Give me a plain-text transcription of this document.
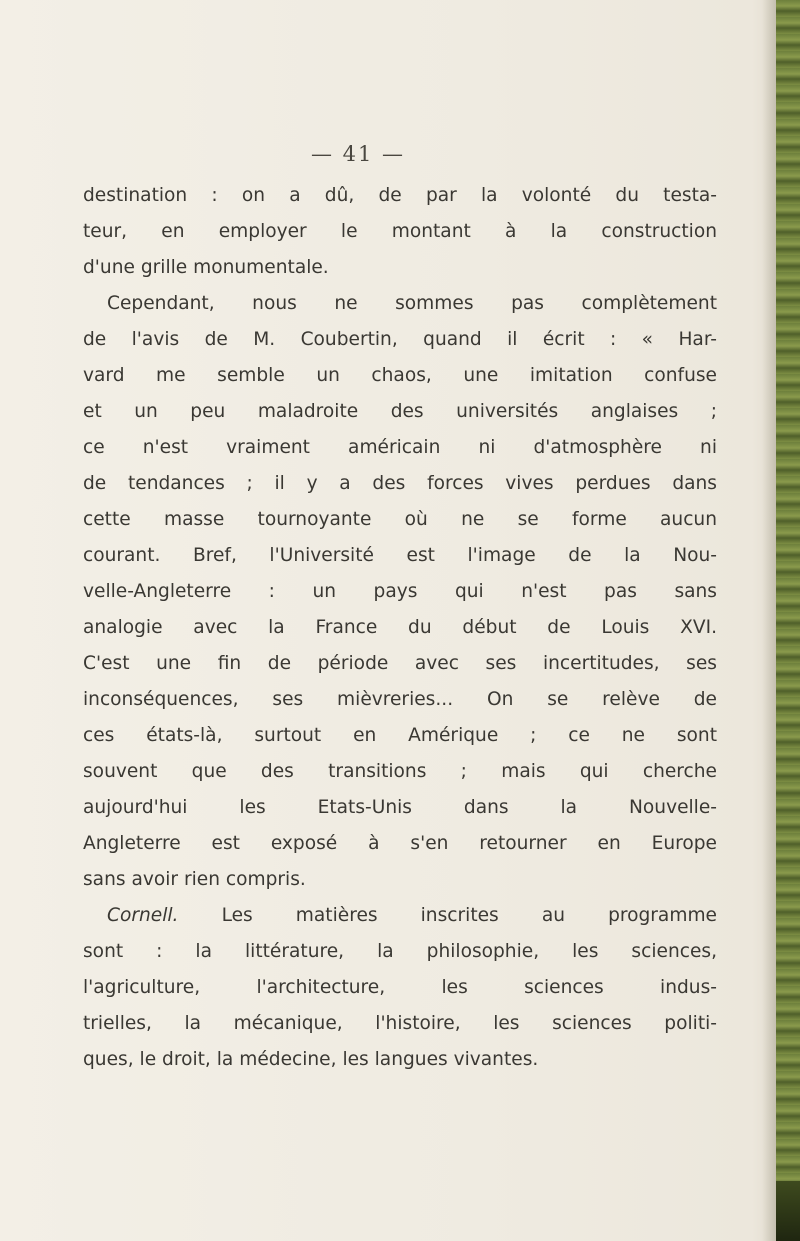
— 41 —
destination : on a dû, de par la volonté du testa-
teur, en employer le montant à la construction
d'une grille monumentale.
Cependant, nous ne sommes pas complètement
de l'avis de M. Coubertin, quand il écrit : « Har-
vard me semble un chaos, une imitation confuse
et un peu maladroite des universités anglaises ;
ce n'est vraiment américain ni d'atmosphère ni
de tendances ; il y a des forces vives perdues dans
cette masse tournoyante où ne se forme aucun
courant. Bref, l'Université est l'image de la Nou-
velle-Angleterre : un pays qui n'est pas sans
analogie avec la France du début de Louis XVI.
C'est une fin de période avec ses incertitudes, ses
inconséquences, ses mièvreries... On se relève de
ces états-là, surtout en Amérique ; ce ne sont
souvent que des transitions ; mais qui cherche
aujourd'hui les Etats-Unis dans la Nouvelle-
Angleterre est exposé à s'en retourner en Europe
sans avoir rien compris.
Cornell. Les matières inscrites au programme
sont : la littérature, la philosophie, les sciences,
l'agriculture, l'architecture, les sciences indus-
trielles, la mécanique, l'histoire, les sciences politi-
ques, le droit, la médecine, les langues vivantes.
